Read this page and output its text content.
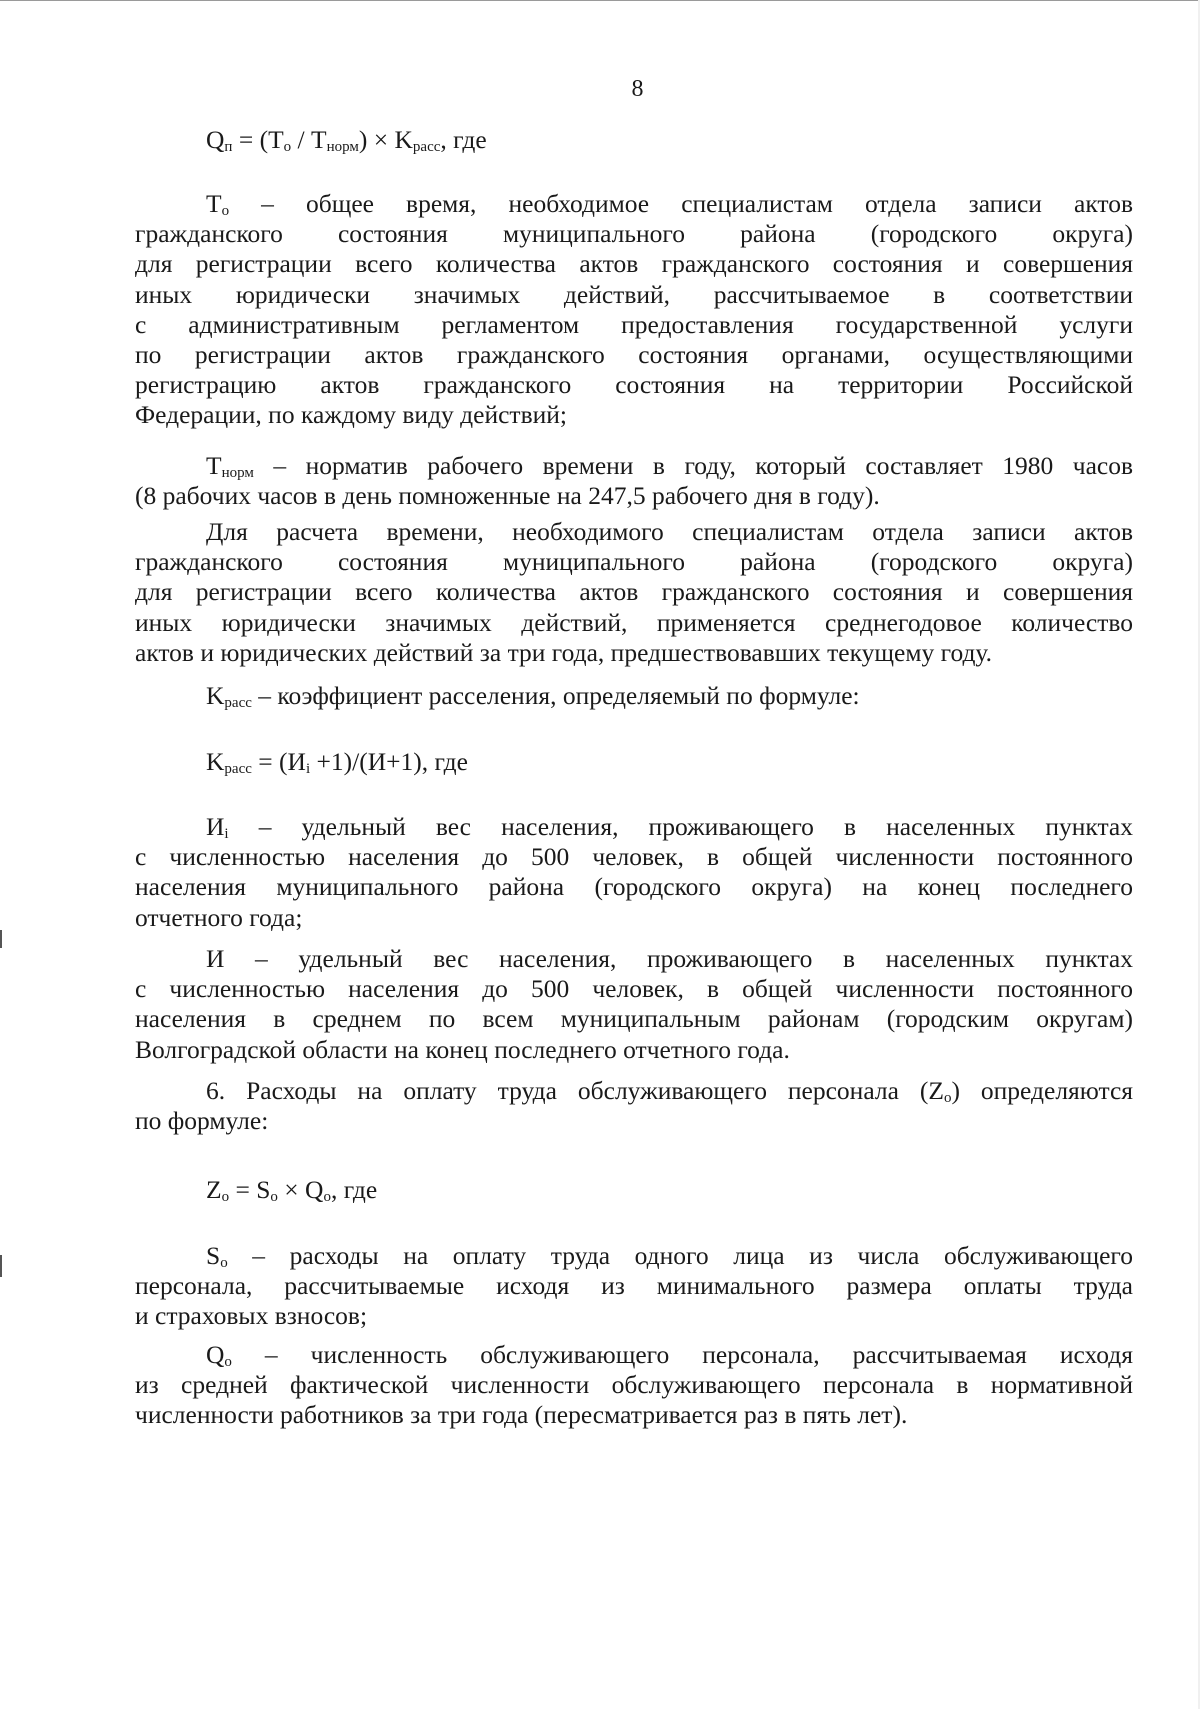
8
$Q_п = (T_о / T_{норм}) \times K_{расс}$, где
$T_о$ – общее время, необходимое специалистам отдела записи актов
гражданского состояния муниципального района (городского округа)
для регистрации всего количества актов гражданского состояния и совершения
иных юридически значимых действий, рассчитываемое в соответствии
с административным регламентом предоставления государственной услуги
по регистрации актов гражданского состояния органами, осуществляющими
регистрацию актов гражданского состояния на территории Российской
Федерации, по каждому виду действий;
$T_{норм}$ – норматив рабочего времени в году, который составляет 1980 часов
(8 рабочих часов в день помноженные на 247,5 рабочего дня в году).
Для расчета времени, необходимого специалистам отдела записи актов
гражданского состояния муниципального района (городского округа)
для регистрации всего количества актов гражданского состояния и совершения
иных юридически значимых действий, применяется среднегодовое количество
актов и юридических действий за три года, предшествовавших текущему году.
$K_{расс}$ – коэффициент расселения, определяемый по формуле:
$K_{расс} = (И_i +1)/(И+1)$, где
$И_i$ – удельный вес населения, проживающего в населенных пунктах
с численностью населения до 500 человек, в общей численности постоянного
населения муниципального района (городского округа) на конец последнего
отчетного года;
И – удельный вес населения, проживающего в населенных пунктах
с численностью населения до 500 человек, в общей численности постоянного
населения в среднем по всем муниципальным районам (городским округам)
Волгоградской области на конец последнего отчетного года.
6. Расходы на оплату труда обслуживающего персонала $(Z_о)$ определяются
по формуле:
$Z_о = S_о \times Q_о$, где
$S_о$ – расходы на оплату труда одного лица из числа обслуживающего
персонала, рассчитываемые исходя из минимального размера оплаты труда
и страховых взносов;
$Q_о$ – численность обслуживающего персонала, рассчитываемая исходя
из средней фактической численности обслуживающего персонала в нормативной
численности работников за три года (пересматривается раз в пять лет).
